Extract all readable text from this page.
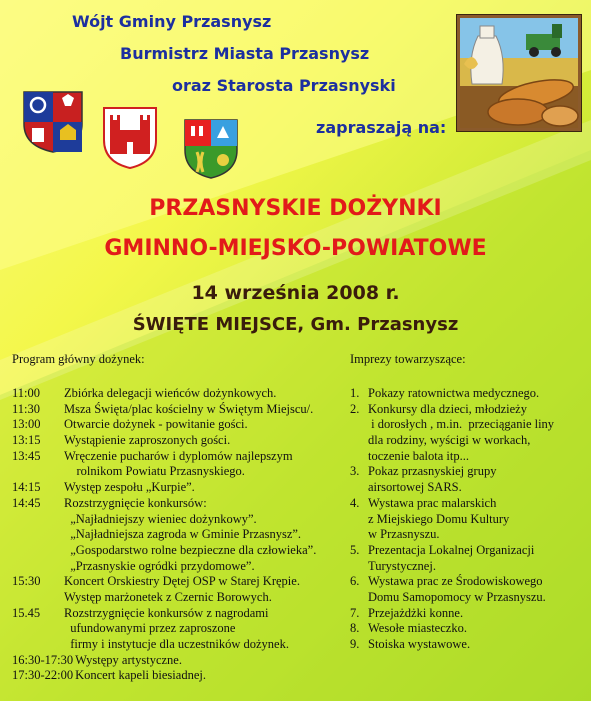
Wójt Gminy Przasnysz
Burmistrz Miasta Przasnysz
oraz Starosta Przasnyski
zapraszają na:
PRZASNYSKIE DOŻYNKI
GMINNO-MIEJSKO-POWIATOWE
14 września 2008 r.
ŚWIĘTE MIEJSCE, Gm. Przasnysz
Program główny dożynek:	Imprezy towarzyszące:
11:00	Zbiórka delegacji wieńców dożynkowych.
11:30	Msza Święta/plac kościelny w Świętym Miejscu/.
13:00	Otwarcie dożynek - powitanie gości.
13:15	Wystąpienie zaproszonych gości.
13:45	Wręczenie pucharów i dyplomów najlepszym
rolnikom Powiatu Przasnyskiego.
14:15	Występ zespołu „Kurpie”.
14:45	Rozstrzygnięcie konkursów:
„Najładniejszy wieniec dożynkowy”.
„Najładniejsza zagroda w Gminie Przasnysz”.
„Gospodarstwo rolne bezpieczne dla człowieka”.
„Przasnyskie ogródki przydomowe”.
15:30	Koncert Orskiestry Dętej OSP w Starej Krępie.
Występ marżonetek z Czernic Borowych.
15.45	Rozstrzygnięcie konkursów z nagrodami
ufundowanymi przez zaproszone
firmy i instytucje dla uczestników dożynek.
16:30-17:30 Występy artystyczne.
17:30-22:00 Koncert kapeli biesiadnej.
1. Pokazy ratownictwa medycznego.
2. Konkursy dla dzieci, młodzieży
i dorosłych , m.in.  przeciąganie liny
dla rodziny, wyścigi w workach,
toczenie balota itp...
3. Pokaz przasnyskiej grupy
airsortowej SARS.
4. Wystawa prac malarskich
z Miejskiego Domu Kultury
w Przasnyszu.
5. Prezentacja Lokalnej Organizacji
Turystycznej.
6. Wystawa prac ze Środowiskowego
Domu Samopomocy w Przasnyszu.
7. Przejażdżki konne.
8. Wesołe miasteczko.
9. Stoiska wystawowe.
